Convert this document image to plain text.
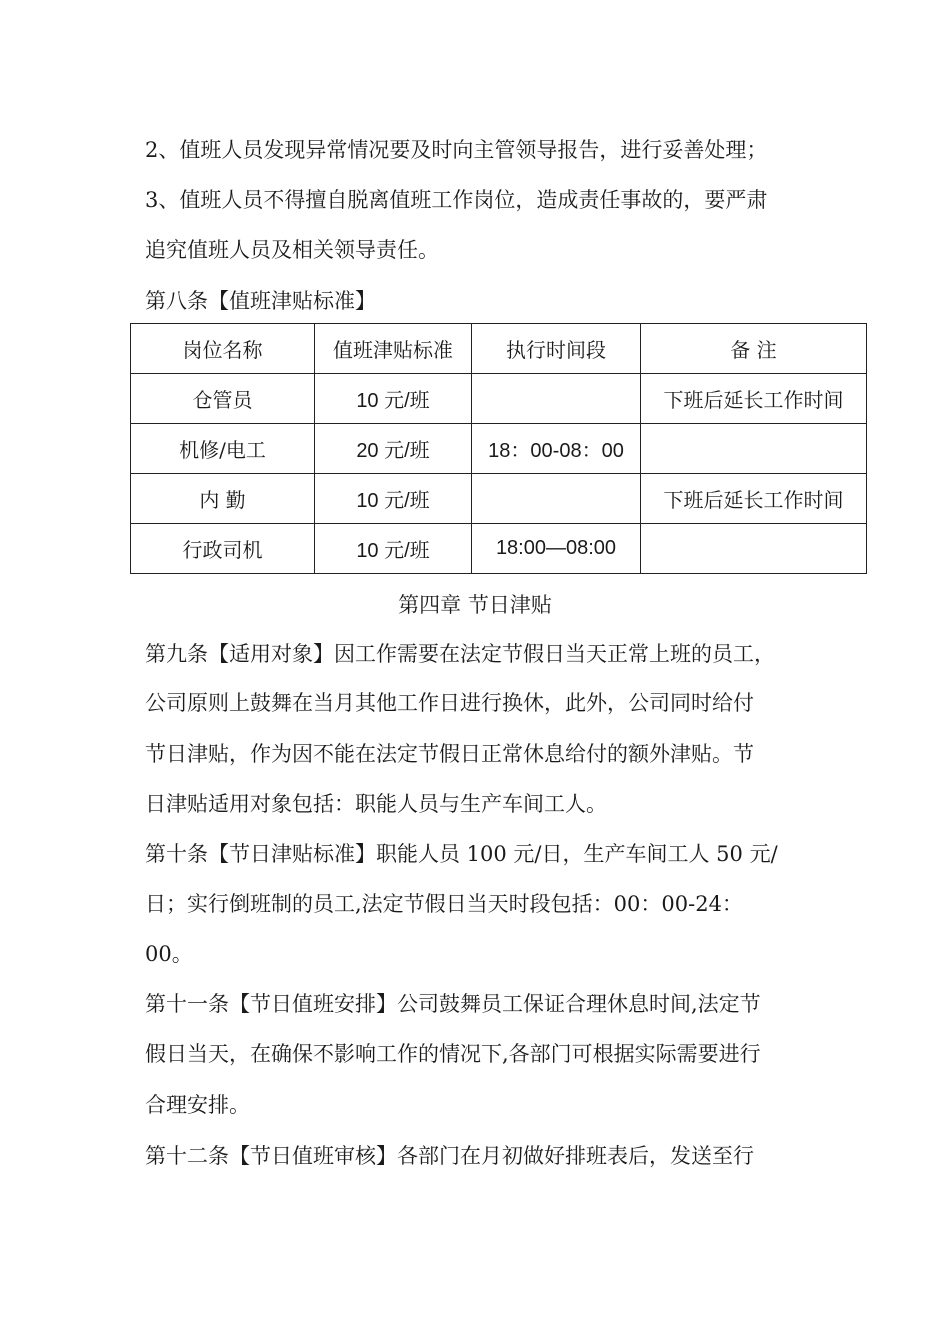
2、值班人员发现异常情况要及时向主管领导报告，进行妥善处理；
3、值班人员不得擅自脱离值班工作岗位，造成责任事故的，要严肃
追究值班人员及相关领导责任。
第八条【值班津贴标准】
岗位名称	值班津贴标准	执行时间段	备 注
仓管员	10 元/班		下班后延长工作时间
机修/电工	20 元/班	18：00-08：00	
内 勤	10 元/班		下班后延长工作时间
行政司机	10 元/班	18:00—08:00	
第四章 节日津贴
第九条【适用对象】因工作需要在法定节假日当天正常上班的员工，
公司原则上鼓舞在当月其他工作日进行换休，此外，公司同时给付
节日津贴，作为因不能在法定节假日正常休息给付的额外津贴。节
日津贴适用对象包括：职能人员与生产车间工人。
第十条【节日津贴标准】职能人员 100 元/日，生产车间工人 50 元/
日；实行倒班制的员工,法定节假日当天时段包括：00：00-24：
00。
第十一条【节日值班安排】公司鼓舞员工保证合理休息时间,法定节
假日当天，在确保不影响工作的情况下,各部门可根据实际需要进行
合理安排。
第十二条【节日值班审核】各部门在月初做好排班表后，发送至行
